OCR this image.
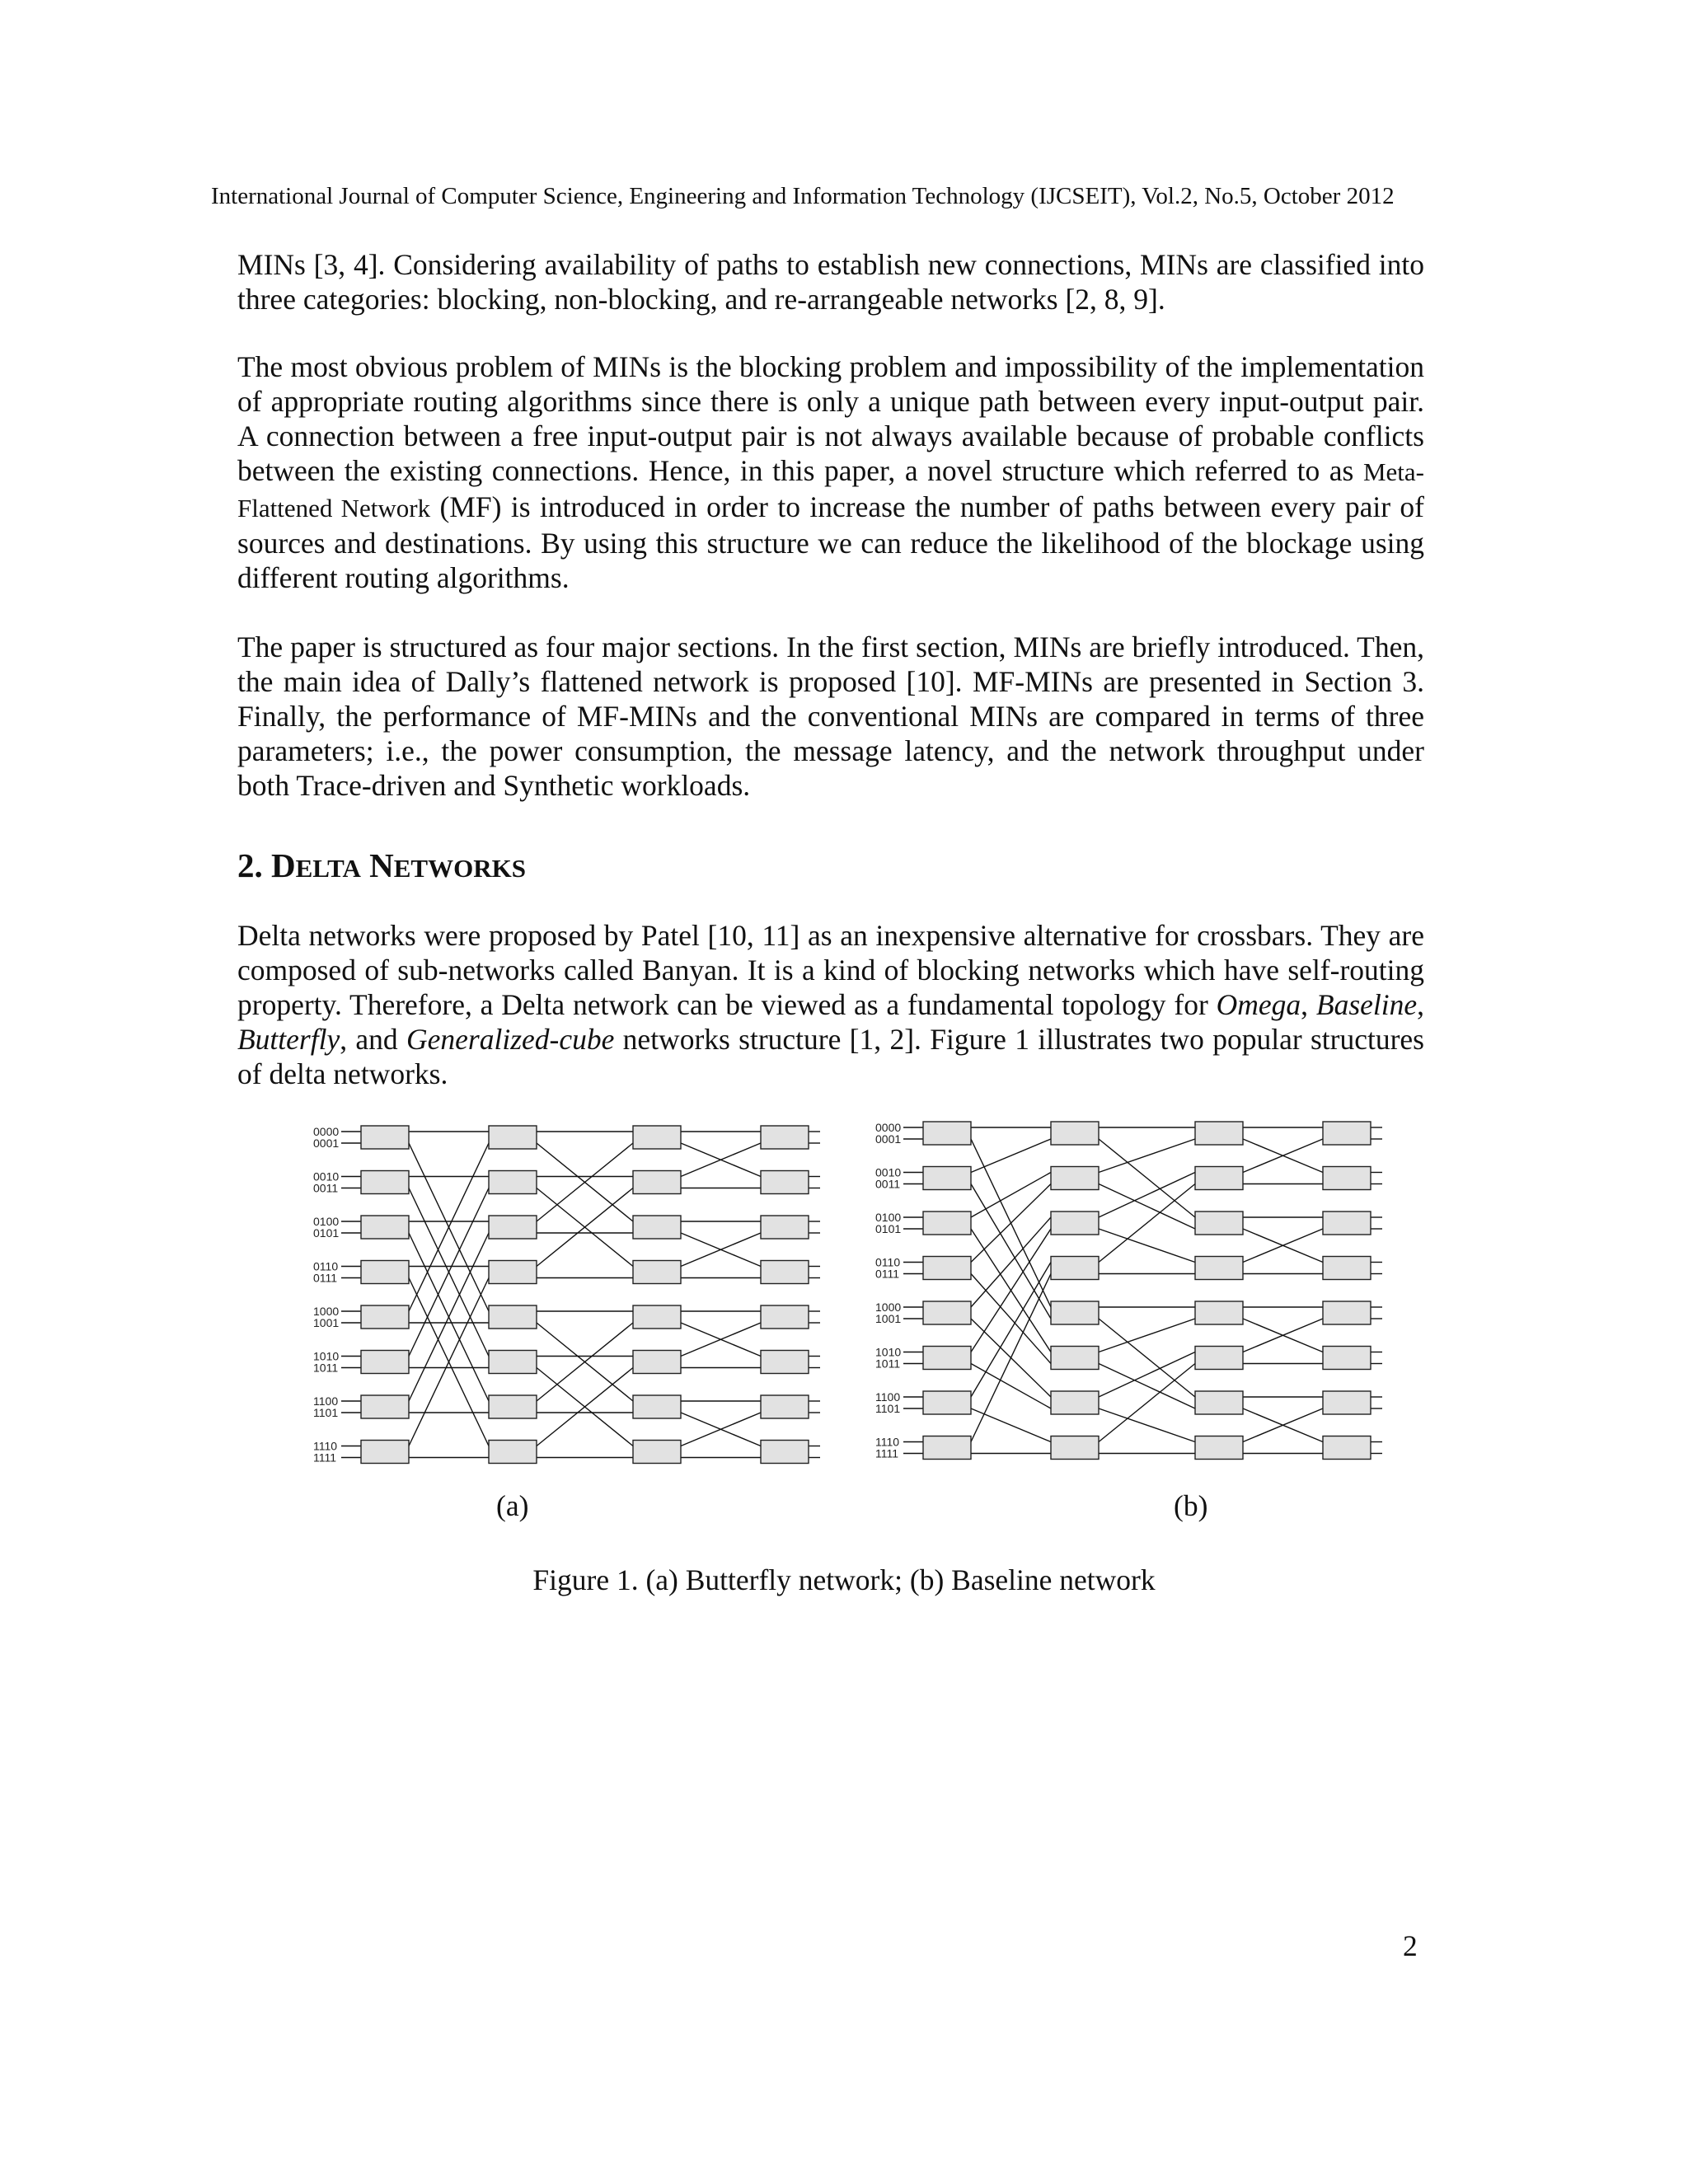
International Journal of Computer Science, Engineering and Information Technology (IJCSEIT), Vol.2, No.5, October 2012

MINs [3, 4]. Considering availability of paths to establish new connections, MINs are classified into three categories: blocking, non-blocking, and re-arrangeable networks [2, 8, 9].

The most obvious problem of MINs is the blocking problem and impossibility of the implementation of appropriate routing algorithms since there is only a unique path between every input-output pair. A connection between a free input-output pair is not always available because of probable conflicts between the existing connections. Hence, in this paper, a novel structure which referred to as Meta-Flattened Network (MF) is introduced in order to increase the number of paths between every pair of sources and destinations. By using this structure we can reduce the likelihood of the blockage using different routing algorithms.

The paper is structured as four major sections. In the first section, MINs are briefly introduced. Then, the main idea of Dally’s flattened network is proposed [10]. MF-MINs are presented in Section 3. Finally, the performance of MF-MINs and the conventional MINs are compared in terms of three parameters; i.e., the power consumption, the message latency, and the network throughput under both Trace-driven and Synthetic workloads.

2. DELTA NETWORKS

Delta networks were proposed by Patel [10, 11] as an inexpensive alternative for crossbars. They are composed of sub-networks called Banyan. It is a kind of blocking networks which have self-routing property. Therefore, a Delta network can be viewed as a fundamental topology for Omega, Baseline, Butterfly, and Generalized-cube networks structure [1, 2]. Figure 1 illustrates two popular structures of delta networks.

0000
0001
0010
0011
0100
0101
0110
0111
1000
1001
1010
1011
1100
1101
1110
1111
0000
0001
0010
0011
0100
0101
0110
0111
1000
1001
1010
1011
1100
1101
1110
1111
(a)	(b)
Figure 1. (a) Butterfly network; (b) Baseline network
2
